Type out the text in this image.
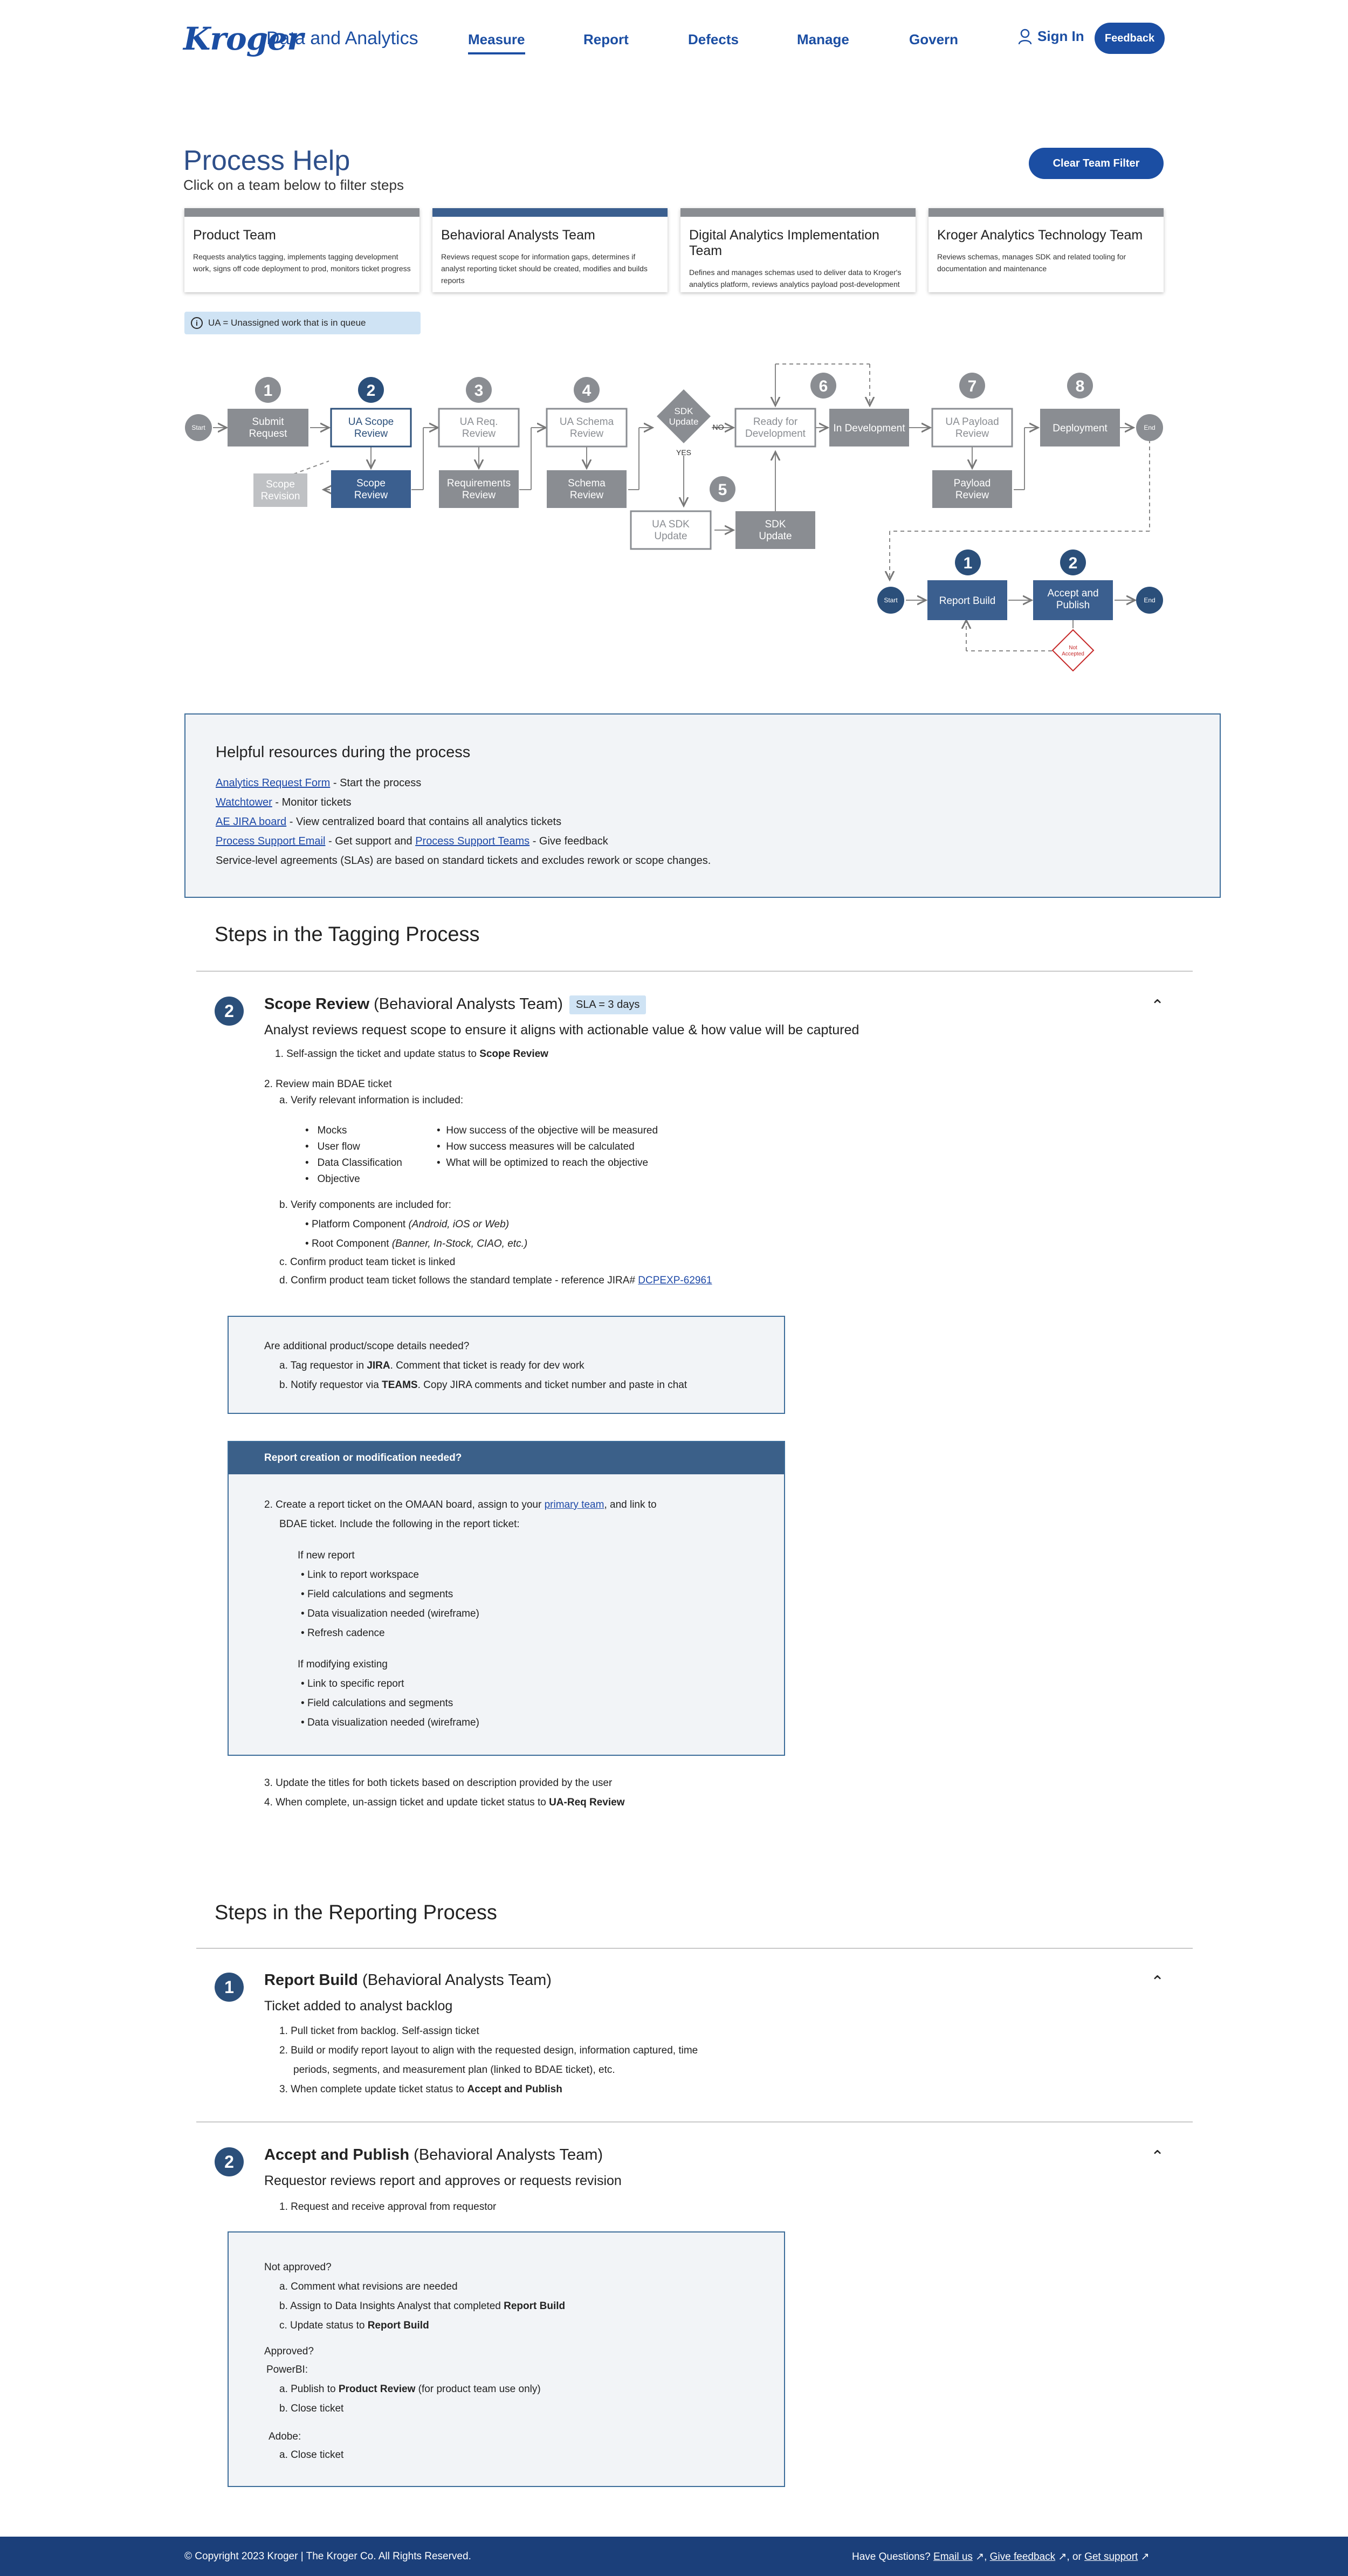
Kroger
Data and Analytics	Measure	Report	Defects	Manage	Govern	Sign In	Feedback
Process Help
Click on a team below to filter steps
Clear Team Filter
Product Team
Requests analytics tagging, implements tagging development work, signs off code deployment to prod, monitors ticket progress
Behavioral Analysts Team
Reviews request scope for information gaps, determines if analyst reporting ticket should be created, modifies and builds reports
Digital Analytics Implementation Team
Defines and manages schemas used to deliver data to Kroger's analytics platform, reviews analytics payload post-development
Kroger Analytics Technology Team
Reviews schemas, manages SDK and related tooling for documentation and maintenance
i	UA = Unassigned work that is in queue
Start	End
1	2	3	4
5
6	7	8
Submit Request
UA Scope Review
Scope Revision
Scope Review
UA Req. Review
Requirements Review
UA Schema Review
Schema Review
SDK Update
NO
YES
UA SDK Update
SDK Update
Ready for Development	In Development
UA Payload Review
Payload Review
Deployment
Start	End
1	2
Report Build
Accept and Publish
Not Accepted
Helpful resources during the process
Analytics Request Form - Start the process
Watchtower - Monitor tickets
AE JIRA board - View centralized board that contains all analytics tickets
Process Support Email - Get support and Process Support Teams - Give feedback
Service-level agreements (SLAs) are based on standard tickets and excludes rework or scope changes.
Steps in the Tagging Process
2	Scope Review (Behavioral Analysts Team) SLA = 3 days	⌃
Analyst reviews request scope to ensure it aligns with actionable value & how value will be captured
1. Self-assign the ticket and update status to Scope Review
2. Review main BDAE ticket
a. Verify relevant information is included:
•   Mocks
•   User flow
•   Data Classification
•   Objective
•  How success of the objective will be measured
•  How success measures will be calculated
•  What will be optimized to reach the objective
b. Verify components are included for:
• Platform Component (Android, iOS or Web)
• Root Component (Banner, In-Stock, CIAO, etc.)
c. Confirm product team ticket is linked
d. Confirm product team ticket follows the standard template - reference JIRA# DCPEXP-62961
Are additional product/scope details needed?
a. Tag requestor in JIRA. Comment that ticket is ready for dev work
b. Notify requestor via TEAMS. Copy JIRA comments and ticket number and paste in chat
Report creation or modification needed?
2. Create a report ticket on the OMAAN board, assign to your primary team, and link to
BDAE ticket. Include the following in the report ticket:
If new report
• Link to report workspace
• Field calculations and segments
• Data visualization needed (wireframe)
• Refresh cadence
If modifying existing
• Link to specific report
• Field calculations and segments
• Data visualization needed (wireframe)
3. Update the titles for both tickets based on description provided by the user
4. When complete, un-assign ticket and update ticket status to UA-Req Review
Steps in the Reporting Process
1	Report Build (Behavioral Analysts Team)	⌃
Ticket added to analyst backlog
1. Pull ticket from backlog. Self-assign ticket
2. Build or modify report layout to align with the requested design, information captured, time
periods, segments, and measurement plan (linked to BDAE ticket), etc.
3. When complete update ticket status to Accept and Publish
2	Accept and Publish (Behavioral Analysts Team)	⌃
Requestor reviews report and approves or requests revision
1. Request and receive approval from requestor
Not approved?
a. Comment what revisions are needed
b. Assign to Data Insights Analyst that completed Report Build
c. Update status to Report Build
Approved?
PowerBI:
a. Publish to Product Review (for product team use only)
b. Close ticket
Adobe:
a. Close ticket
© Copyright 2023 Kroger | The Kroger Co. All Rights Reserved.	Have Questions? Email us ↗, Give feedback ↗, or Get support ↗
